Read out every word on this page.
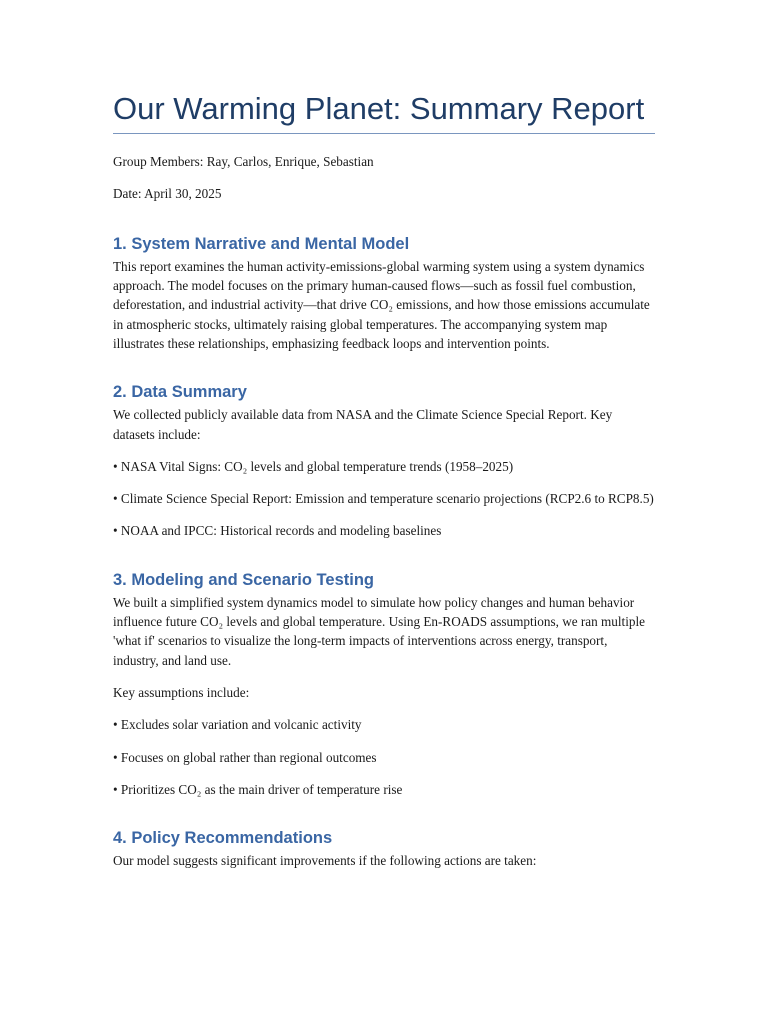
Our Warming Planet: Summary Report

Group Members: Ray, Carlos, Enrique, Sebastian

Date: April 30, 2025

1. System Narrative and Mental Model

This report examines the human activity-emissions-global warming system using a system dynamics approach. The model focuses on the primary human-caused flows—such as fossil fuel combustion, deforestation, and industrial activity—that drive CO₂ emissions, and how those emissions accumulate in atmospheric stocks, ultimately raising global temperatures. The accompanying system map illustrates these relationships, emphasizing feedback loops and intervention points.

2. Data Summary

We collected publicly available data from NASA and the Climate Science Special Report. Key datasets include:

• NASA Vital Signs: CO₂ levels and global temperature trends (1958–2025)

• Climate Science Special Report: Emission and temperature scenario projections (RCP2.6 to RCP8.5)

• NOAA and IPCC: Historical records and modeling baselines

3. Modeling and Scenario Testing

We built a simplified system dynamics model to simulate how policy changes and human behavior influence future CO₂ levels and global temperature. Using En-ROADS assumptions, we ran multiple 'what if' scenarios to visualize the long-term impacts of interventions across energy, transport, industry, and land use.

Key assumptions include:

• Excludes solar variation and volcanic activity

• Focuses on global rather than regional outcomes

• Prioritizes CO₂ as the main driver of temperature rise

4. Policy Recommendations

Our model suggests significant improvements if the following actions are taken:
